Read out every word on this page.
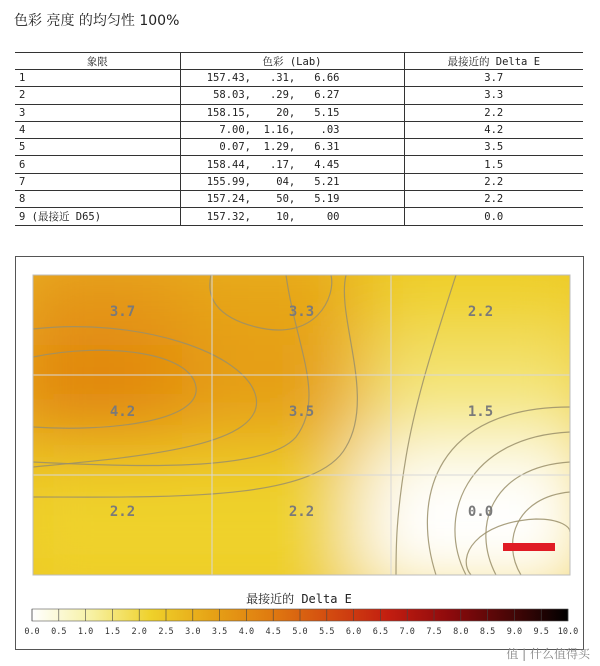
色彩 亮度 的均匀性 100%
象限	色彩 (Lab)	最接近的 Delta E
1	157.43,   .31,   6.66	3.7
2	58.03,   .29,   6.27	3.3
3	158.15,    20,   5.15	2.2
4	7.00,  1.16,    .03	4.2
5	0.07,  1.29,   6.31	3.5
6	158.44,   .17,   4.45	1.5
7	155.99,    04,   5.21	2.2
8	157.24,    50,   5.19	2.2
9 (最接近 D65)	157.32,    10,     00	0.0
3.7	3.3	2.2
4.2	3.5	1.5
2.2	2.2	0.0
最接近的 Delta E
0.0 0.5 1.0 1.5 2.0 2.5 3.0 3.5 4.0 4.5 5.0 5.5 6.0 6.5 7.0 7.5 8.0 8.5 9.0 9.5 10.0
值 | 什么值得买
